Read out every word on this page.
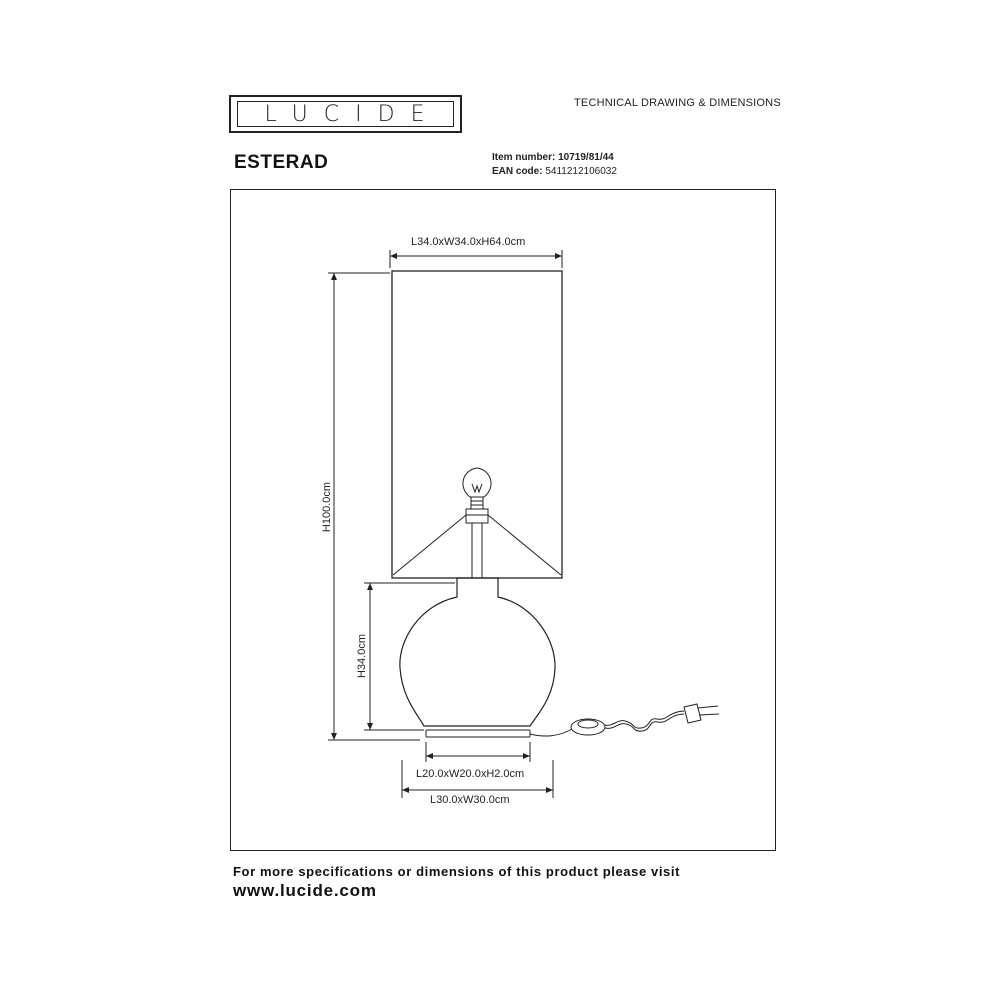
LUCIDE	TECHNICAL DRAWING & DIMENSIONS
ESTERAD	Item number: 10719/81/44
EAN code: 5411212106032
L34.0xW34.0xH64.0cm
H100.0cm
H34.0cm
L20.0xW20.0xH2.0cm
L30.0xW30.0cm
For more specifications or dimensions of this product please visit
www.lucide.com
